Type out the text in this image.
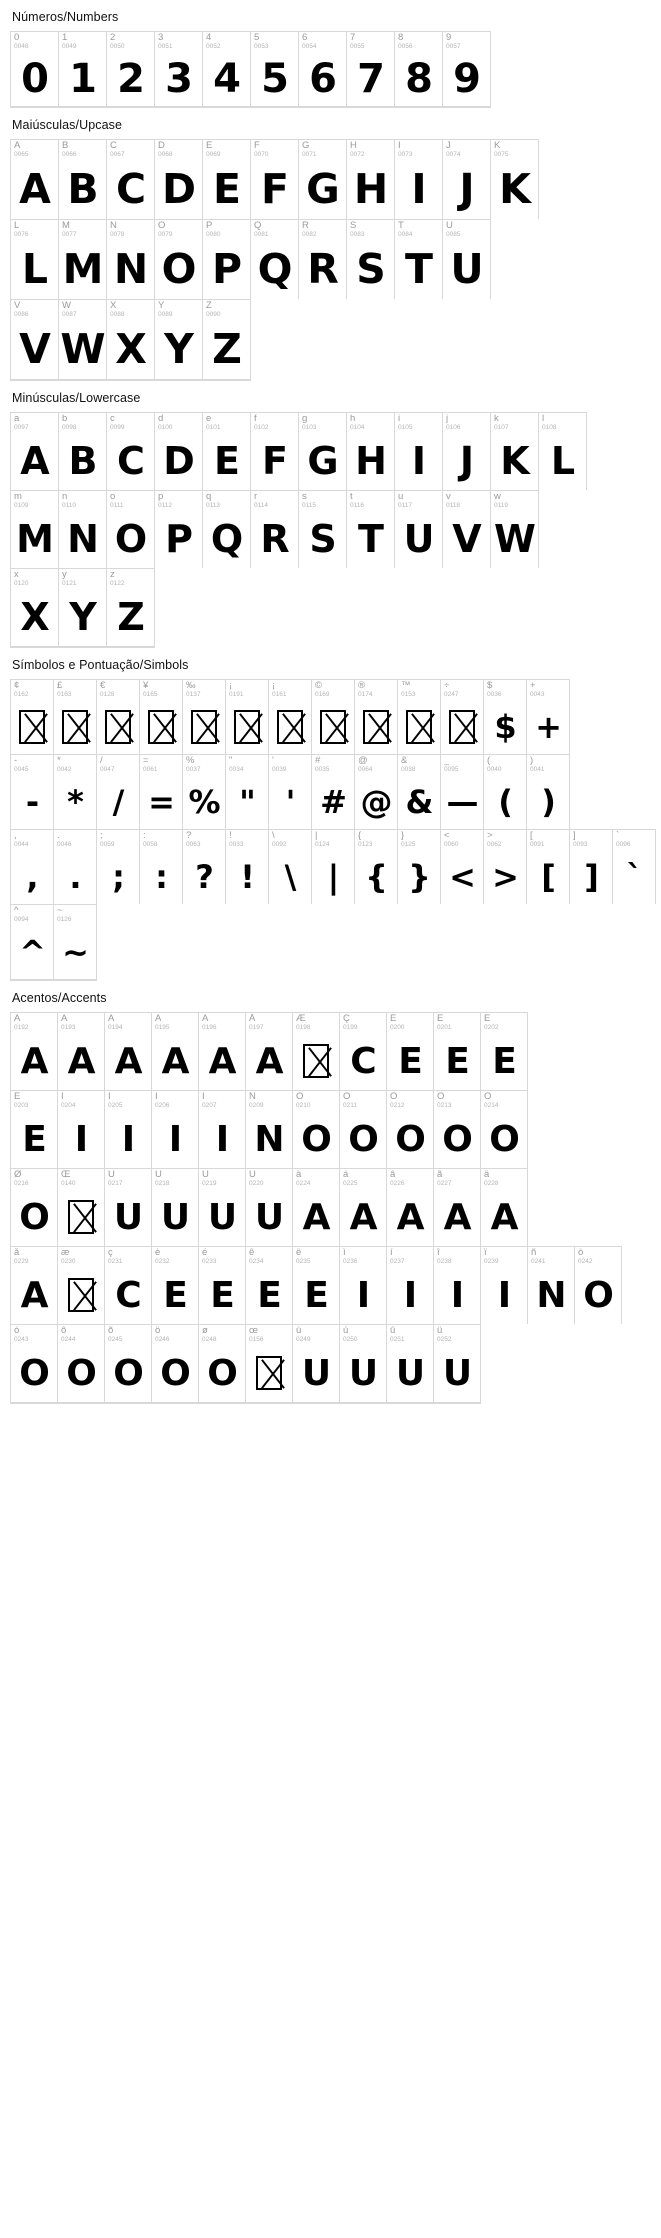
Números/Numbers
0
0048
0
1
0049
1
2
0050
2
3
0051
3
4
0052
4
5
0053
5
6
0054
6
7
0055
7
8
0056
8
9
0057
9
Maiúsculas/Upcase
A
0065
A
B
0066
B
C
0067
C
D
0068
D
E
0069
E
F
0070
F
G
0071
G
H
0072
H
I
0073
I
J
0074
J
K
0075
K
L
0076
L
M
0077
M
N
0078
N
O
0079
O
P
0080
P
Q
0081
Q
R
0082
R
S
0083
S
T
0084
T
U
0085
U
V
0086
V
W
0087
W
X
0088
X
Y
0089
Y
Z
0090
Z
Minúsculas/Lowercase
a
0097
A
b
0098
B
c
0099
C
d
0100
D
e
0101
E
f
0102
F
g
0103
G
h
0104
H
i
0105
I
j
0106
J
k
0107
K
l
0108
L
m
0109
M
n
0110
N
o
0111
O
p
0112
P
q
0113
Q
r
0114
R
s
0115
S
t
0116
T
u
0117
U
v
0118
V
w
0119
W
x
0120
X
y
0121
Y
z
0122
Z
Símbolos e Pontuação/Simbols
¢
0162
£
0163
€
0128
¥
0165
‰
0137
¡
0191
¡
0161
©
0169
®
0174
™
0153
÷
0247
$
0036
$
+
0043
+
-
0045
-
*
0042
*
/
0047
/
=
0061
=
%
0037
%
"
0034
"
'
0039
'
#
0035
#
@
0064
@
&
0038
&
_
0095
—
(
0040
(
)
0041
)
,
0044
,
.
0046
.
;
0059
;
:
0058
:
?
0063
?
!
0033
!
\
0092
\
|
0124
|
{
0123
{
}
0125
}
<
0060
<
>
0062
>
[
0091
[
]
0093
]
`
0096
`
^
0094
^
~
0126
~
Acentos/Accents
À
0192
A
Á
0193
A
Â
0194
A
Ã
0195
A
Ä
0196
A
Å
0197
A
Æ
0198
Ç
0199
C
È
0200
E
É
0201
E
Ê
0202
E
Ë
0203
E
Ì
0204
I
Í
0205
I
Î
0206
I
Ï
0207
I
Ñ
0209
N
Ò
0210
O
Ó
0211
O
Ô
0212
O
Õ
0213
O
Ö
0214
O
Ø
0216
O
Œ
0140
Ù
0217
U
Ú
0218
U
Û
0219
U
Ü
0220
U
à
0224
A
á
0225
A
â
0226
A
ã
0227
A
ä
0228
A
å
0229
A
æ
0230
ç
0231
C
è
0232
E
é
0233
E
ê
0234
E
ë
0235
E
ì
0236
I
í
0237
I
î
0238
I
ï
0239
I
ñ
0241
N
ò
0242
O
ó
0243
O
ô
0244
O
õ
0245
O
ö
0246
O
ø
0248
O
œ
0156
ù
0249
U
ú
0250
U
û
0251
U
ü
0252
U
